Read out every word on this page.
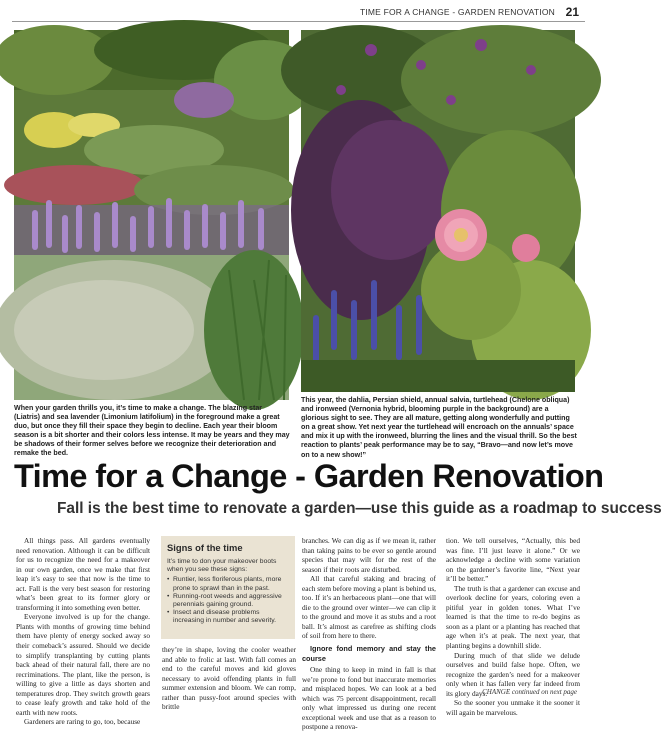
TIME FOR A CHANGE - GARDEN RENOVATION 21

When your garden thrills you, it’s time to make a change. The blazing star (Liatris) and sea lavender (Limonium latifolium) in the foreground make a great duo, but once they fill their space they begin to decline. Each year their bloom season is a bit shorter and their colors less intense. It may be years and they may be shadows of their former selves before we recognize their deterioration and remake the bed.

This year, the dahlia, Persian shield, annual salvia, turtlehead (Chelone obliqua) and ironweed (Vernonia hybrid, blooming purple in the background) are a glorious sight to see. They are all mature, getting along wonderfully and putting on a great show. Yet next year the turtlehead will encroach on the annuals’ space and mix it up with the ironweed, blurring the lines and the visual thrill. So the best reaction to plants’ peak performance may be to say, “Bravo—and now let’s move on to a new show!”

Time for a Change - Garden Renovation
Fall is the best time to renovate a garden—use this guide as a roadmap to success

All things pass. All gardens eventually need renovation. Although it can be difficult for us to recognize the need for a makeover in our own garden, once we make that first leap it’s easy to see that now is the time to act. Fall is the very best season for restoring what’s been great to its former glory or transforming it into something even better.

Everyone involved is up for the change. Plants with months of growing time behind them have plenty of energy socked away so their comeback’s assured. Should we decide to simplify transplanting by cutting plants back ahead of their natural fall, there are no recriminations. The plant, like the person, is willing to give a little as days shorten and temperatures drop. They switch growth gears to cease leafy growth and take hold of the earth with new roots.

Gardeners are raring to go, too, because

Signs of the time
It’s time to don your makeover boots when you see these signs:
• Runtier, less floriferous plants, more prone to sprawl than in the past.
• Running-root weeds and aggressive perennials gaining ground.
• Insect and disease problems increasing in number and severity.

they’re in shape, loving the cooler weather and able to frolic at last. With fall comes an end to the careful moves and kid gloves necessary to avoid offending plants in full summer extension and bloom. We can romp, rather than pussy-foot around species with brittle

branches. We can dig as if we mean it, rather than taking pains to be ever so gentle around species that may wilt for the rest of the season if their roots are disturbed.

All that careful staking and bracing of each stem before moving a plant is behind us, too. If it’s an herbaceous plant—one that will die to the ground over winter—we can clip it to the ground and move it as stubs and a root ball. It’s almost as carefree as shifting clods of soil from here to there.

Ignore fond memory and stay the course

One thing to keep in mind in fall is that we’re prone to fond but inaccurate memories and misplaced hopes. We can look at a bed which was 75 percent disappointment, recall only what impressed us during one recent exceptional week and use that as a reason to postpone a renova-

tion. We tell ourselves, “Actually, this bed was fine. I’ll just leave it alone.” Or we acknowledge a decline with some variation on the gardener’s favorite line, “Next year it’ll be better.”

The truth is that a gardener can excuse and overlook decline for years, coloring even a pitiful year in golden tones. What I’ve learned is that the time to re-do begins as soon as a plant or a planting has reached that age when it’s at peak. The next year, that planting begins a downhill slide.

During much of that slide we delude ourselves and build false hope. Often, we recognize the garden’s need for a makeover only when it has fallen very far indeed from its glory days.

So the sooner you unmake it the sooner it will again be marvelous.

CHANGE continued on next page
